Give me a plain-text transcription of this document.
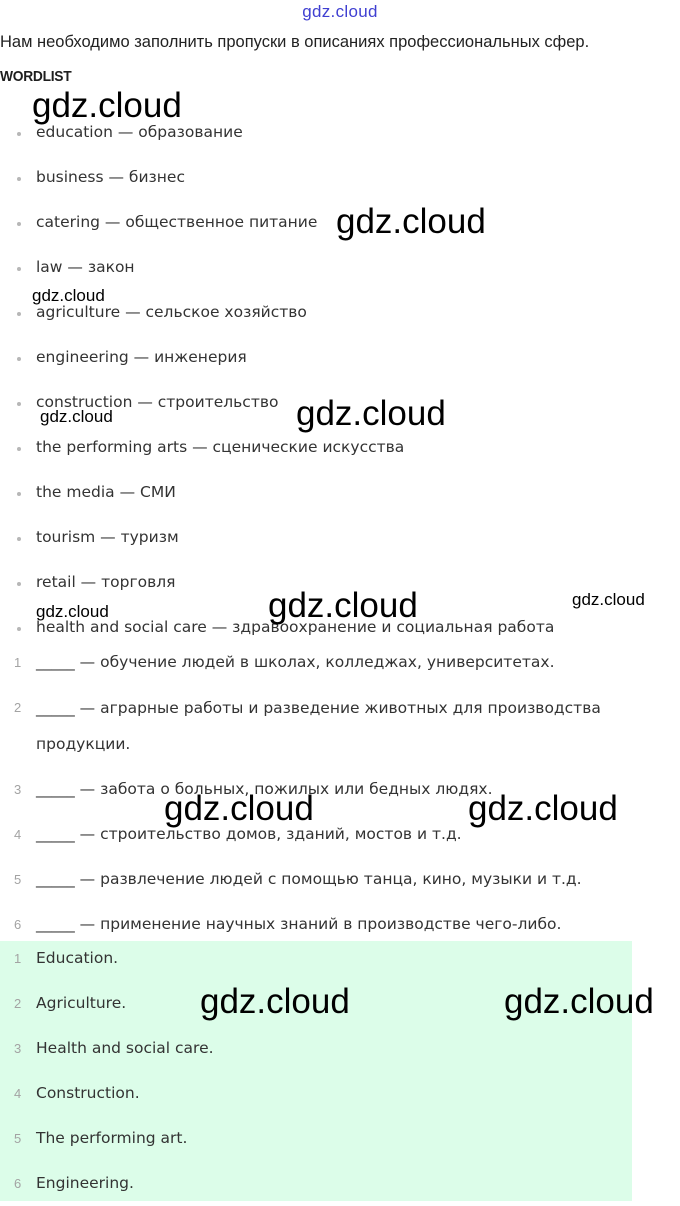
gdz.cloud
Нам необходимо заполнить пропуски в описаниях профессиональных сфер.
WORDLIST
education — образование
business — бизнес
catering — общественное питание
law — закон
agriculture — сельское хозяйство
engineering — инженерия
construction — строительство
the performing arts — сценические искусства
the media — СМИ
tourism — туризм
retail — торговля
health and social care — здравоохранение и социальная работа
1 _____ — обучение людей в школах, колледжах, университетах.
2 _____ — аграрные работы и разведение животных для производства продукции.
3 _____ — забота о больных, пожилых или бедных людях.
4 _____ — строительство домов, зданий, мостов и т.д.
5 _____ — развлечение людей с помощью танца, кино, музыки и т.д.
6 _____ — применение научных знаний в производстве чего-либо.
1 Education.
2 Agriculture.
3 Health and social care.
4 Construction.
5 The performing art.
6 Engineering.
gdz.cloud
gdz.cloud
gdz.cloud
gdz.cloud	gdz.cloud
gdz.cloud
gdz.cloud
gdz.cloud
gdz.cloud	gdz.cloud
gdz.cloud	gdz.cloud
